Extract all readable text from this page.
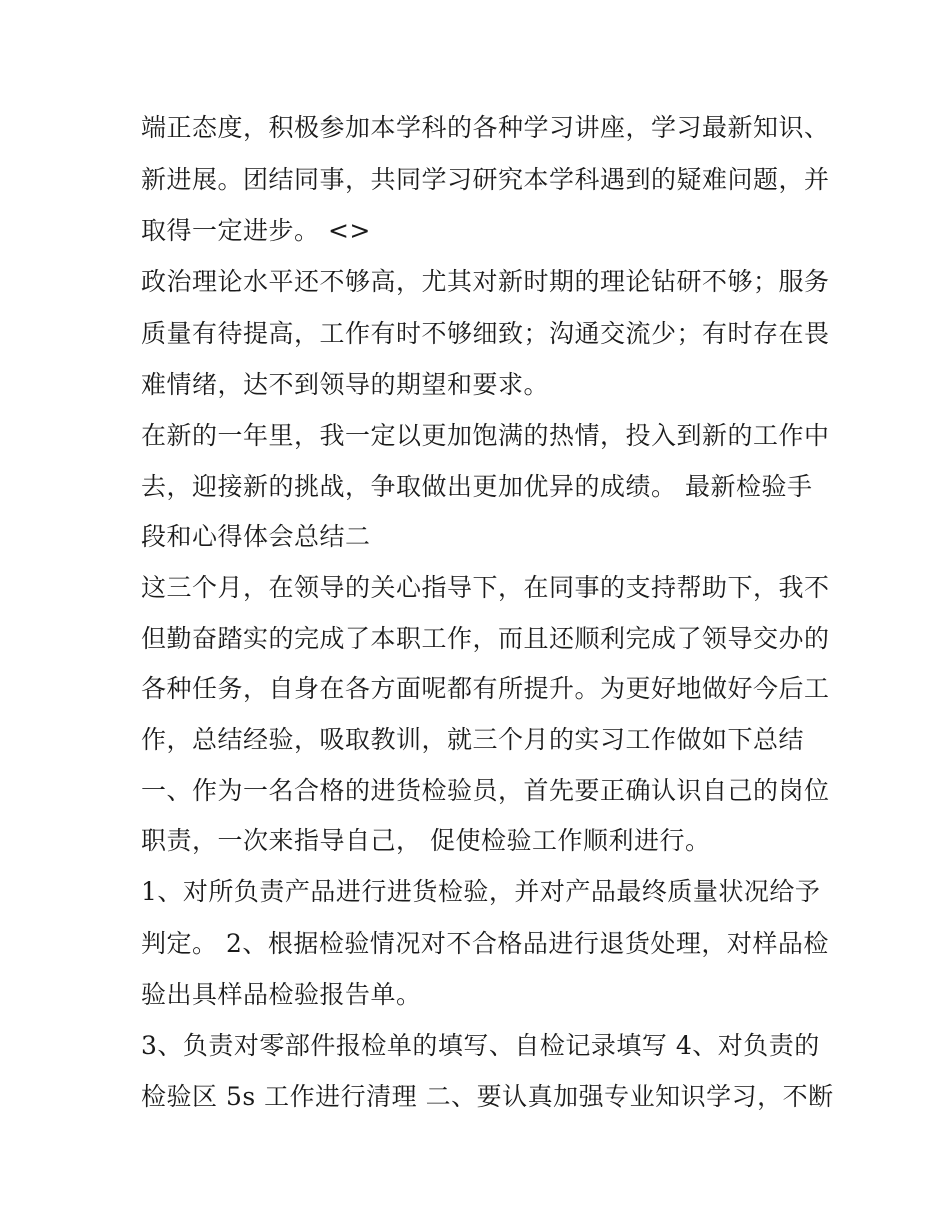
端正态度，积极参加本学科的各种学习讲座，学习最新知识、
新进展。团结同事，共同学习研究本学科遇到的疑难问题，并
取得一定进步。 <>
政治理论水平还不够高，尤其对新时期的理论钻研不够；服务
质量有待提高，工作有时不够细致；沟通交流少；有时存在畏
难情绪，达不到领导的期望和要求。
在新的一年里，我一定以更加饱满的热情，投入到新的工作中
去，迎接新的挑战，争取做出更加优异的成绩。 最新检验手
段和心得体会总结二
这三个月，在领导的关心指导下，在同事的支持帮助下，我不
但勤奋踏实的完成了本职工作，而且还顺利完成了领导交办的
各种任务，自身在各方面呢都有所提升。为更好地做好今后工
作，总结经验，吸取教训，就三个月的实习工作做如下总结
一、作为一名合格的进货检验员，首先要正确认识自己的岗位
职责，一次来指导自己， 促使检验工作顺利进行。
1、对所负责产品进行进货检验，并对产品最终质量状况给予
判定。 2、根据检验情况对不合格品进行退货处理，对样品检
验出具样品检验报告单。
3、负责对零部件报检单的填写、自检记录填写 4、对负责的
检验区 5s 工作进行清理 二、要认真加强专业知识学习，不断
